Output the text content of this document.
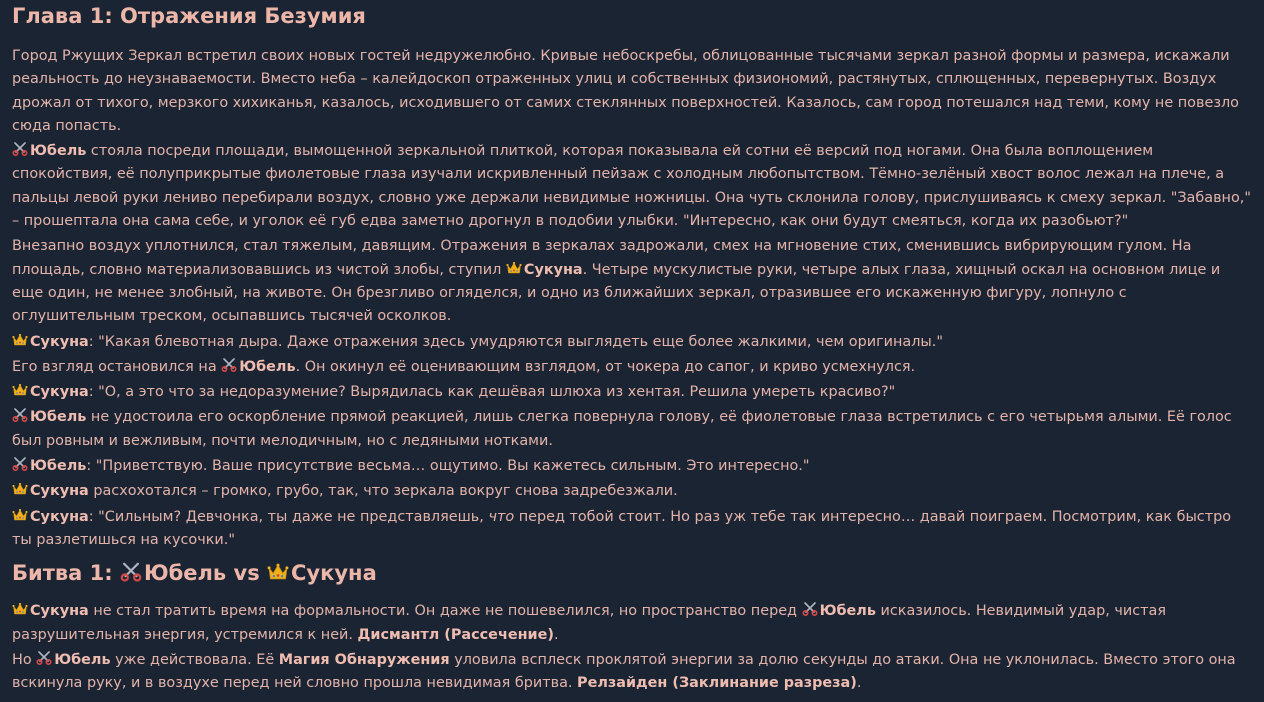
Глава 1: Отражения Безумия

Город Ржущих Зеркал встретил своих новых гостей недружелюбно. Кривые небоскребы, облицованные тысячами зеркал разной формы и размера, искажали реальность до неузнаваемости. Вместо неба – калейдоскоп отраженных улиц и собственных физиономий, растянутых, сплющенных, перевернутых. Воздух дрожал от тихого, мерзкого хихиканья, казалось, исходившего от самих стеклянных поверхностей. Казалось, сам город потешался над теми, кому не повезло сюда попасть.

Юбель стояла посреди площади, вымощенной зеркальной плиткой, которая показывала ей сотни её версий под ногами. Она была воплощением спокойствия, её полуприкрытые фиолетовые глаза изучали искривленный пейзаж с холодным любопытством. Тёмно-зелёный хвост волос лежал на плече, а пальцы левой руки лениво перебирали воздух, словно уже держали невидимые ножницы. Она чуть склонила голову, прислушиваясь к смеху зеркал. "Забавно," – прошептала она сама себе, и уголок её губ едва заметно дрогнул в подобии улыбки. "Интересно, как они будут смеяться, когда их разобьют?"

Внезапно воздух уплотнился, стал тяжелым, давящим. Отражения в зеркалах задрожали, смех на мгновение стих, сменившись вибрирующим гулом. На площадь, словно материализовавшись из чистой злобы, ступил Сукуна. Четыре мускулистые руки, четыре алых глаза, хищный оскал на основном лице и еще один, не менее злобный, на животе. Он брезгливо огляделся, и одно из ближайших зеркал, отразившее его искаженную фигуру, лопнуло с оглушительным треском, осыпавшись тысячей осколков.

Сукуна: "Какая блевотная дыра. Даже отражения здесь умудряются выглядеть еще более жалкими, чем оригиналы."

Его взгляд остановился на Юбель. Он окинул её оценивающим взглядом, от чокера до сапог, и криво усмехнулся.

Сукуна: "О, а это что за недоразумение? Вырядилась как дешёвая шлюха из хентая. Решила умереть красиво?"

Юбель не удостоила его оскорбление прямой реакцией, лишь слегка повернула голову, её фиолетовые глаза встретились с его четырьмя алыми. Её голос был ровным и вежливым, почти мелодичным, но с ледяными нотками.

Юбель: "Приветствую. Ваше присутствие весьма… ощутимо. Вы кажетесь сильным. Это интересно."

Сукуна расхохотался – громко, грубо, так, что зеркала вокруг снова задребезжали.

Сукуна: "Сильным? Девчонка, ты даже не представляешь, что перед тобой стоит. Но раз уж тебе так интересно… давай поиграем. Посмотрим, как быстро ты разлетишься на кусочки."

Битва 1: Юбель vs Сукуна

Сукуна не стал тратить время на формальности. Он даже не пошевелился, но пространство перед Юбель исказилось. Невидимый удар, чистая разрушительная энергия, устремился к ней. Дисмантл (Рассечение).

Но Юбель уже действовала. Её Магия Обнаружения уловила всплеск проклятой энергии за долю секунды до атаки. Она не уклонилась. Вместо этого она вскинула руку, и в воздухе перед ней словно прошла невидимая бритва. Релзайден (Заклинание разреза).
